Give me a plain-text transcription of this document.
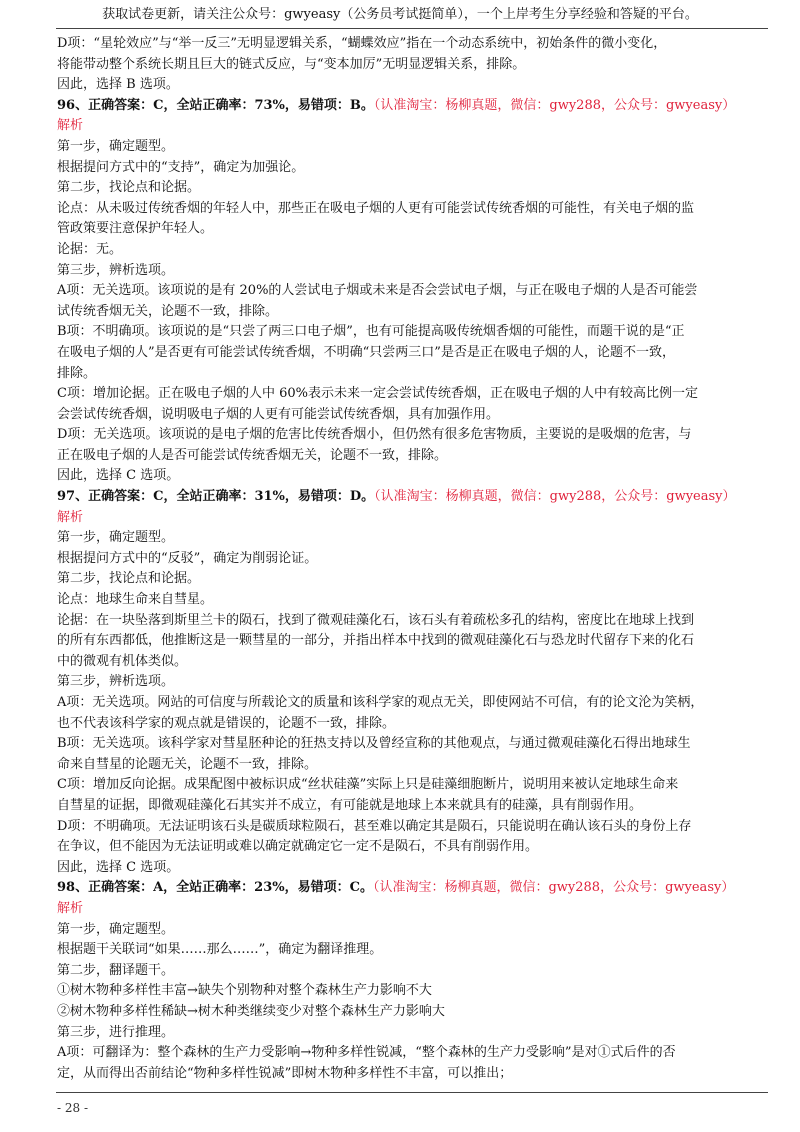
获取试卷更新，请关注公众号：gwyeasy（公务员考试挺简单），一个上岸考生分享经验和答疑的平台。

D项：“星轮效应”与“举一反三”无明显逻辑关系，“蝴蝶效应”指在一个动态系统中，初始条件的微小变化，

将能带动整个系统长期且巨大的链式反应，与“变本加厉”无明显逻辑关系，排除。

因此，选择 B 选项。

96、正确答案：C，全站正确率：73%，易错项：B。（认准淘宝：杨柳真题，微信：gwy288，公众号：gwyeasy）

解析

第一步，确定题型。

根据提问方式中的“支持”，确定为加强论。

第二步，找论点和论据。

论点：从未吸过传统香烟的年轻人中，那些正在吸电子烟的人更有可能尝试传统香烟的可能性，有关电子烟的监

管政策要注意保护年轻人。

论据：无。

第三步，辨析选项。

A项：无关选项。该项说的是有 20%的人尝试电子烟或未来是否会尝试电子烟，与正在吸电子烟的人是否可能尝

试传统香烟无关，论题不一致，排除。

B项：不明确项。该项说的是“只尝了两三口电子烟”，也有可能提高吸传统烟香烟的可能性，而题干说的是“正

在吸电子烟的人”是否更有可能尝试传统香烟，不明确“只尝两三口”是否是正在吸电子烟的人，论题不一致，

排除。

C项：增加论据。正在吸电子烟的人中 60%表示未来一定会尝试传统香烟，正在吸电子烟的人中有较高比例一定

会尝试传统香烟，说明吸电子烟的人更有可能尝试传统香烟，具有加强作用。

D项：无关选项。该项说的是电子烟的危害比传统香烟小，但仍然有很多危害物质，主要说的是吸烟的危害，与

正在吸电子烟的人是否可能尝试传统香烟无关，论题不一致，排除。

因此，选择 C 选项。

97、正确答案：C，全站正确率：31%，易错项：D。（认准淘宝：杨柳真题，微信：gwy288，公众号：gwyeasy）

解析

第一步，确定题型。

根据提问方式中的“反驳”，确定为削弱论证。

第二步，找论点和论据。

论点：地球生命来自彗星。

论据：在一块坠落到斯里兰卡的陨石，找到了微观硅藻化石，该石头有着疏松多孔的结构，密度比在地球上找到

的所有东西都低，他推断这是一颗彗星的一部分，并指出样本中找到的微观硅藻化石与恐龙时代留存下来的化石

中的微观有机体类似。

第三步，辨析选项。

A项：无关选项。网站的可信度与所载论文的质量和该科学家的观点无关，即使网站不可信，有的论文沦为笑柄，

也不代表该科学家的观点就是错误的，论题不一致，排除。

B项：无关选项。该科学家对彗星胚种论的狂热支持以及曾经宣称的其他观点，与通过微观硅藻化石得出地球生

命来自彗星的论题无关，论题不一致，排除。

C项：增加反向论据。成果配图中被标识成“丝状硅藻”实际上只是硅藻细胞断片，说明用来被认定地球生命来

自彗星的证据，即微观硅藻化石其实并不成立，有可能就是地球上本来就具有的硅藻，具有削弱作用。

D项：不明确项。无法证明该石头是碳质球粒陨石，甚至难以确定其是陨石，只能说明在确认该石头的身份上存

在争议，但不能因为无法证明或难以确定就确定它一定不是陨石，不具有削弱作用。

因此，选择 C 选项。

98、正确答案：A，全站正确率：23%，易错项：C。（认准淘宝：杨柳真题，微信：gwy288，公众号：gwyeasy）

解析

第一步，确定题型。

根据题干关联词“如果……那么……”，确定为翻译推理。

第二步，翻译题干。

①树木物种多样性丰富→缺失个别物种对整个森林生产力影响不大

②树木物种多样性稀缺→树木种类继续变少对整个森林生产力影响大

第三步，进行推理。

A项：可翻译为：整个森林的生产力受影响→物种多样性锐减，“整个森林的生产力受影响”是对①式后件的否

定，从而得出否前结论“物种多样性锐减”即树木物种多样性不丰富，可以推出；

- 28 -
